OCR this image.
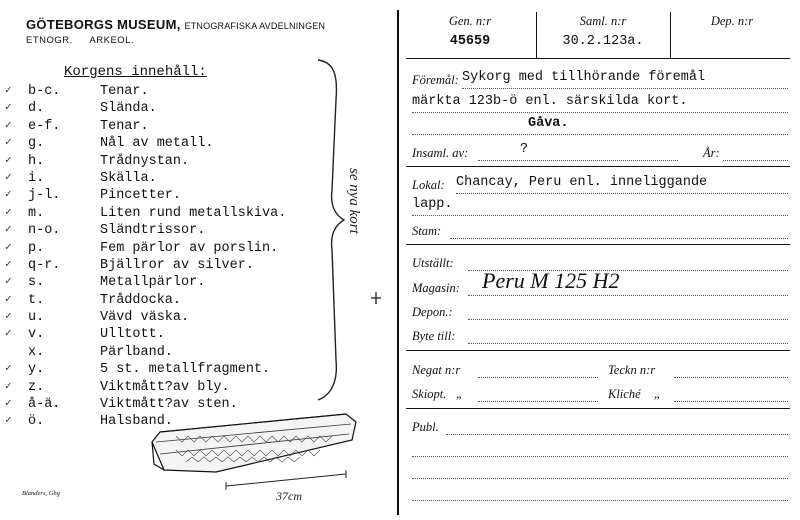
GÖTEBORGS MUSEUM, ETNOGRAFISKA AVDELNINGEN
ETNOGR. ARKEOL.
Korgens innehåll:
✓ b-c.	Tenar.
✓ d.	Slända.
✓ e-f.	Tenar.
✓ g.	Nål av metall.
✓ h.	Trådnystan.
✓ i.	Skälla.
✓ j-l.	Pincetter.
✓ m.	Liten rund metallskiva.
✓ n-o.	Sländtrissor.
✓ p.	Fem pärlor av porslin.
✓ q-r.	Bjällror av silver.
✓ s.	Metallpärlor.
✓ t.	Tråddocka.
✓ u.	Vävd väska.
✓ v.	Ulltott.
x.	Pärlband.
✓ y.	5 st. metallfragment.
✓ z.	Viktmått?av bly.
✓ å-ä.	Viktmått?av sten.
✓ ö.	Halsband.
se nya kort
37cm
Blanders, Gbg
Gen. n:r
45659
Saml. n:r
30.2.123a.
Dep. n:r
Föremål: Sykorg med tillhörande föremål
märkta 123b-ö enl. särskilda kort.
Gåva.
Insaml. av:	?	År:
Lokal: Chancay, Peru enl. inneliggande
lapp.
Stam:
Utställt:
Magasin: Peru M 125 H2
Depon.:
Byte till:
Negat n:r	Teckn n:r
Skiopt. „	Kliché „
Publ.
